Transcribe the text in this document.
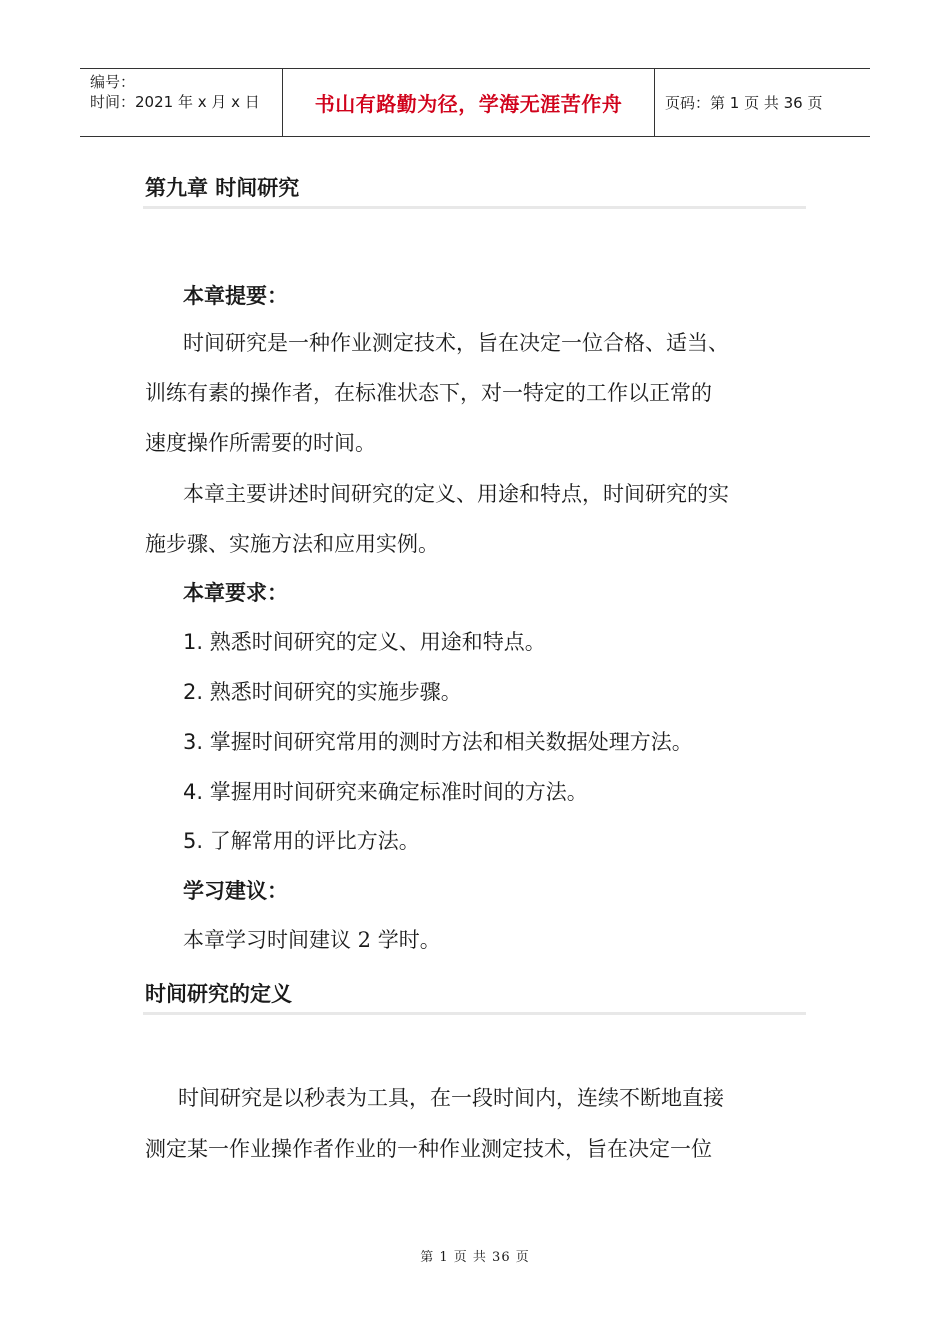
编号：
时间：2021 年 x 月 x 日	书山有路勤为径，学海无涯苦作舟	页码：第 1 页 共 36 页
第九章 时间研究
本章提要：
时间研究是一种作业测定技术，旨在决定一位合格、适当、
训练有素的操作者，在标准状态下，对一特定的工作以正常的
速度操作所需要的时间。
本章主要讲述时间研究的定义、用途和特点，时间研究的实
施步骤、实施方法和应用实例。
本章要求：
1. 熟悉时间研究的定义、用途和特点。
2. 熟悉时间研究的实施步骤。
3. 掌握时间研究常用的测时方法和相关数据处理方法。
4. 掌握用时间研究来确定标准时间的方法。
5. 了解常用的评比方法。
学习建议：
本章学习时间建议 2 学时。
时间研究的定义
时间研究是以秒表为工具，在一段时间内，连续不断地直接
测定某一作业操作者作业的一种作业测定技术，旨在决定一位
第 1 页 共 36 页
